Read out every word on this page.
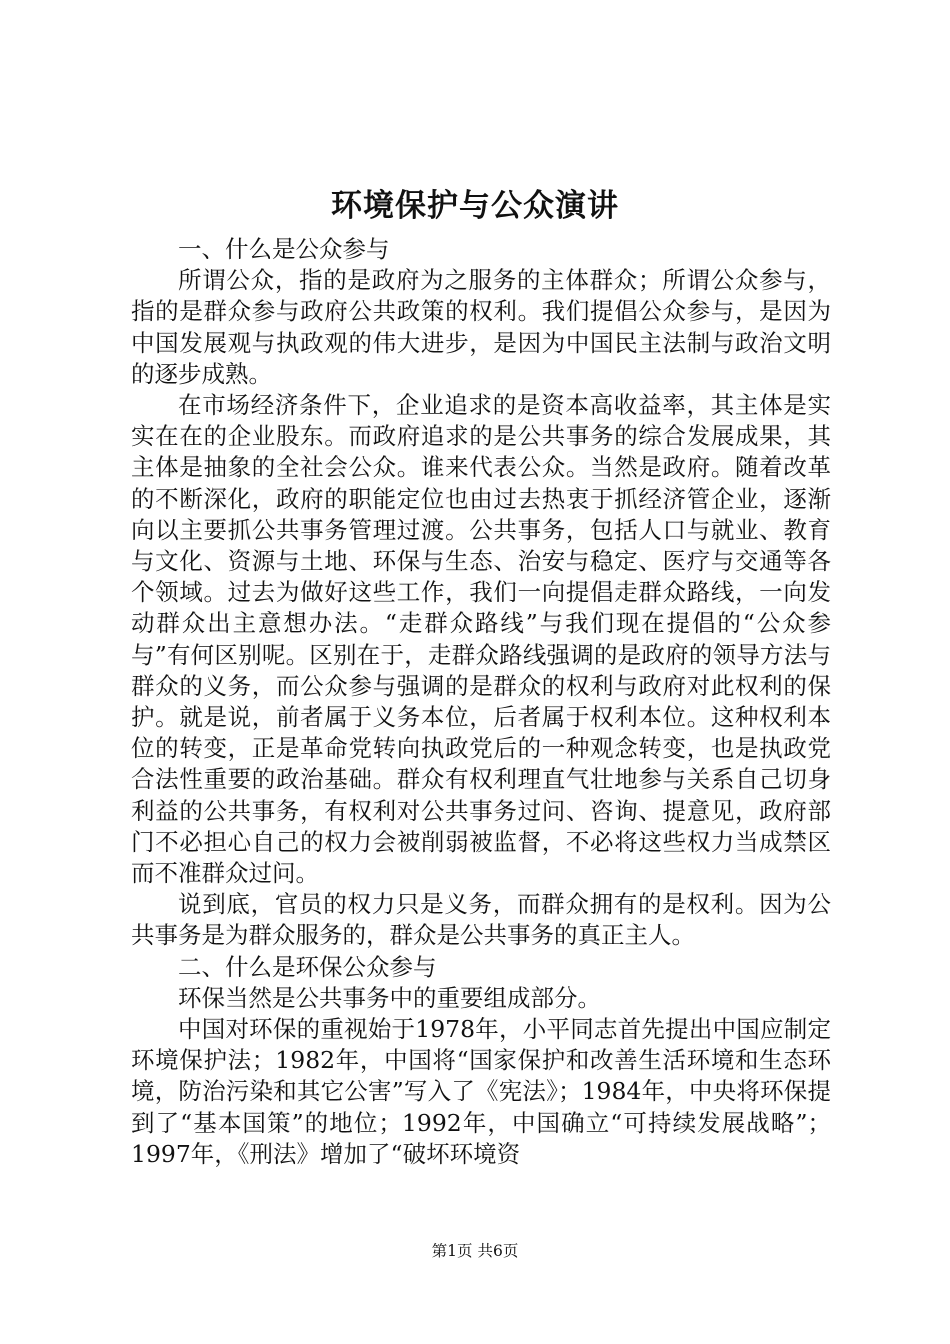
环境保护与公众演讲

一、什么是公众参与

所谓公众，指的是政府为之服务的主体群众；所谓公众参与，指的是群众参与政府公共政策的权利。我们提倡公众参与，是因为中国发展观与执政观的伟大进步，是因为中国民主法制与政治文明的逐步成熟。

在市场经济条件下，企业追求的是资本高收益率，其主体是实实在在的企业股东。而政府追求的是公共事务的综合发展成果，其主体是抽象的全社会公众。谁来代表公众。当然是政府。随着改革的不断深化，政府的职能定位也由过去热衷于抓经济管企业，逐渐向以主要抓公共事务管理过渡。公共事务，包括人口与就业、教育与文化、资源与土地、环保与生态、治安与稳定、医疗与交通等各个领域。过去为做好这些工作，我们一向提倡走群众路线，一向发动群众出主意想办法。“走群众路线”与我们现在提倡的“公众参与”有何区别呢。区别在于，走群众路线强调的是政府的领导方法与群众的义务，而公众参与强调的是群众的权利与政府对此权利的保护。就是说，前者属于义务本位，后者属于权利本位。这种权利本位的转变，正是革命党转向执政党后的一种观念转变，也是执政党合法性重要的政治基础。群众有权利理直气壮地参与关系自己切身利益的公共事务，有权利对公共事务过问、咨询、提意见，政府部门不必担心自己的权力会被削弱被监督，不必将这些权力当成禁区而不准群众过问。

说到底，官员的权力只是义务，而群众拥有的是权利。因为公共事务是为群众服务的，群众是公共事务的真正主人。

二、什么是环保公众参与

环保当然是公共事务中的重要组成部分。

中国对环保的重视始于1978年，小平同志首先提出中国应制定环境保护法；1982年，中国将“国家保护和改善生活环境和生态环境，防治污染和其它公害”写入了《宪法》；1984年，中央将环保提到了“基本国策”的地位；1992年，中国确立“可持续发展战略”；1997年，《刑法》增加了“破坏环境资

第1页 共6页
